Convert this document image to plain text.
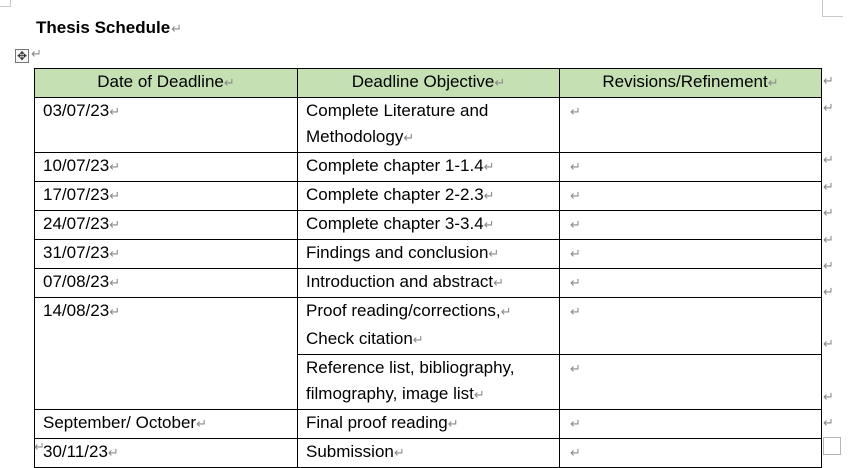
Thesis Schedule↵
✥ ↵
Date of Deadline↵	Deadline Objective↵	Revisions/Refinement↵
03/07/23↵	Complete Literature and Methodology↵	↵
10/07/23↵	Complete chapter 1-1.4↵	↵
17/07/23↵	Complete chapter 2-2.3↵	↵
24/07/23↵	Complete chapter 3-3.4↵	↵
31/07/23↵	Findings and conclusion↵	↵
07/08/23↵	Introduction and abstract↵	↵
14/08/23↵	Proof reading/corrections,↵
Check citation↵	↵
	Reference list, bibliography, filmography, image list↵	↵
September/ October↵	Final proof reading↵	↵
30/11/23↵	Submission↵	↵
↵
↵
↵
↵
↵
↵
↵
↵
↵
↵
↵
↵
